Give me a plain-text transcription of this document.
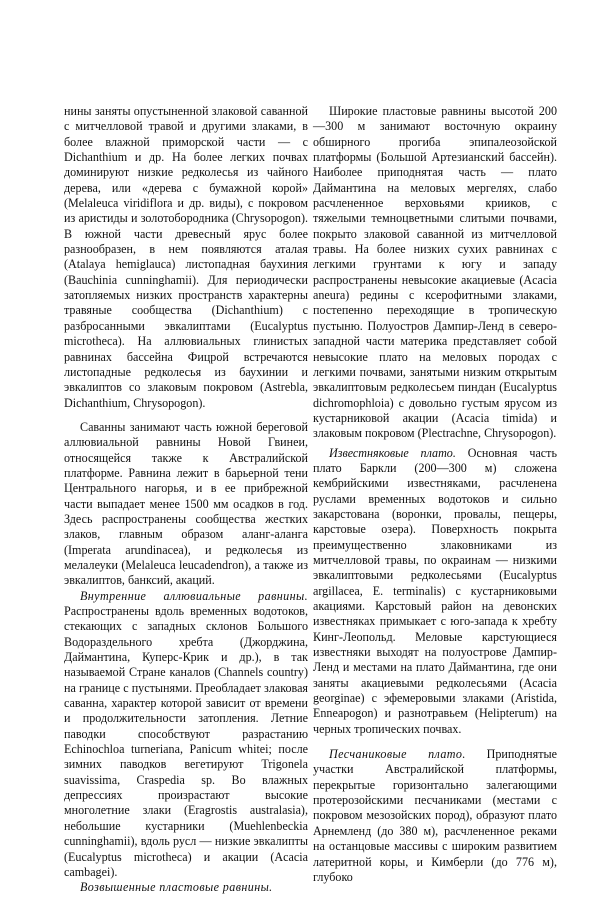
нины заняты опустыненной злаковой саванной с митчелловой травой и другими злаками, в более влажной приморской части — с Dichanthium и др. На более легких почвах доминируют низкие редколесья из чайного дерева, или «дерева с бумажной корой» (Melaleuca viridiflora и др. виды), с покровом из аристиды и золотобородника (Chrysopogon). В южной части древесный ярус более разнообразен, в нем появляются аталая (Atalaya hemiglauca) листопадная баухиния (Bauchinia cunninghamii). Для периодически затопляемых низких пространств характерны травяные сообщества (Dichanthium) с разбросанными эвкалиптами (Eucalyptus microtheca). На аллювиальных глинистых равнинах бассейна Фицрой встречаются листопадные редколесья из баухинии и эвкалиптов со злаковым покровом (Astrebla, Dichanthium, Chrysopogon).

Саванны занимают часть южной береговой аллювиальной равнины Новой Гвинеи, относящейся также к Австралийской платформе. Равнина лежит в барьерной тени Центрального нагорья, и в ее прибрежной части выпадает менее 1500 мм осадков в год. Здесь распространены сообщества жестких злаков, главным образом аланг-аланга (Imperata arundinacea), и редколесья из мелалеуки (Melaleuca leucadendron), а также из эвкалиптов, банксий, акаций.

Внутренние аллювиальные равнины. Распространены вдоль временных водотоков, стекающих с западных склонов Большого Водораздельного хребта (Джорджина, Даймантина, Куперс-Крик и др.), в так называемой Стране каналов (Channels country) на границе с пустынями. Преобладает злаковая саванна, характер которой зависит от времени и продолжительности затопления. Летние паводки способствуют разрастанию Echinochloa turneriana, Panicum whitei; после зимних паводков вегетируют Trigonela suavissima, Craspedia sp. Во влажных депрессиях произрастают высокие многолетние злаки (Eragrostis australasia), небольшие кустарники (Muehlenbeckia cunninghamii), вдоль русл — низкие эвкалипты (Eucalyptus microtheca) и акации (Acacia cambagei).

Возвышенные пластовые равнины.

Широкие пластовые равнины высотой 200—300 м занимают восточную окраину обширного прогиба эпипалеозойской платформы (Большой Артезианский бассейн). Наиболее приподнятая часть — плато Даймантина на меловых мергелях, слабо расчлененное верховьями крииков, с тяжелыми темноцветными слитыми почвами, покрыто злаковой саванной из митчелловой травы. На более низких сухих равнинах с легкими грунтами к югу и западу распространены невысокие акациевые (Acacia aneura) редины с ксерофитными злаками, постепенно переходящие в тропическую пустыню. Полуостров Дампир-Ленд в северо-западной части материка представляет собой невысокие плато на меловых породах с легкими почвами, занятыми низким открытым эвкалиптовым редколесьем пиндан (Eucalyptus dichromophloia) с довольно густым ярусом из кустарниковой акации (Acacia timida) и злаковым покровом (Plectrachne, Chrysopogon).

Известняковые плато. Основная часть плато Баркли (200—300 м) сложена кембрийскими известняками, расчленена руслами временных водотоков и сильно закарстована (воронки, провалы, пещеры, карстовые озера). Поверхность покрыта преимущественно злаковниками из митчелловой травы, по окраинам — низкими эвкалиптовыми редколесьями (Eucalyptus argillacea, E. terminalis) с кустарниковыми акациями. Карстовый район на девонских известняках примыкает с юго-запада к хребту Кинг-Леопольд. Меловые карстующиеся известняки выходят на полуострове Дампир-Ленд и местами на плато Даймантина, где они заняты акациевыми редколесьями (Acacia georginae) с эфемеровыми злаками (Aristida, Enneapogon) и разнотравьем (Helipterum) на черных тропических почвах.

Песчаниковые плато. Приподнятые участки Австралийской платформы, перекрытые горизонтально залегающими протерозойскими песчаниками (местами с покровом мезозойских пород), образуют плато Арнемленд (до 380 м), расчлененное реками на останцовые массивы с широким развитием латеритной коры, и Кимберли (до 776 м), глубоко
